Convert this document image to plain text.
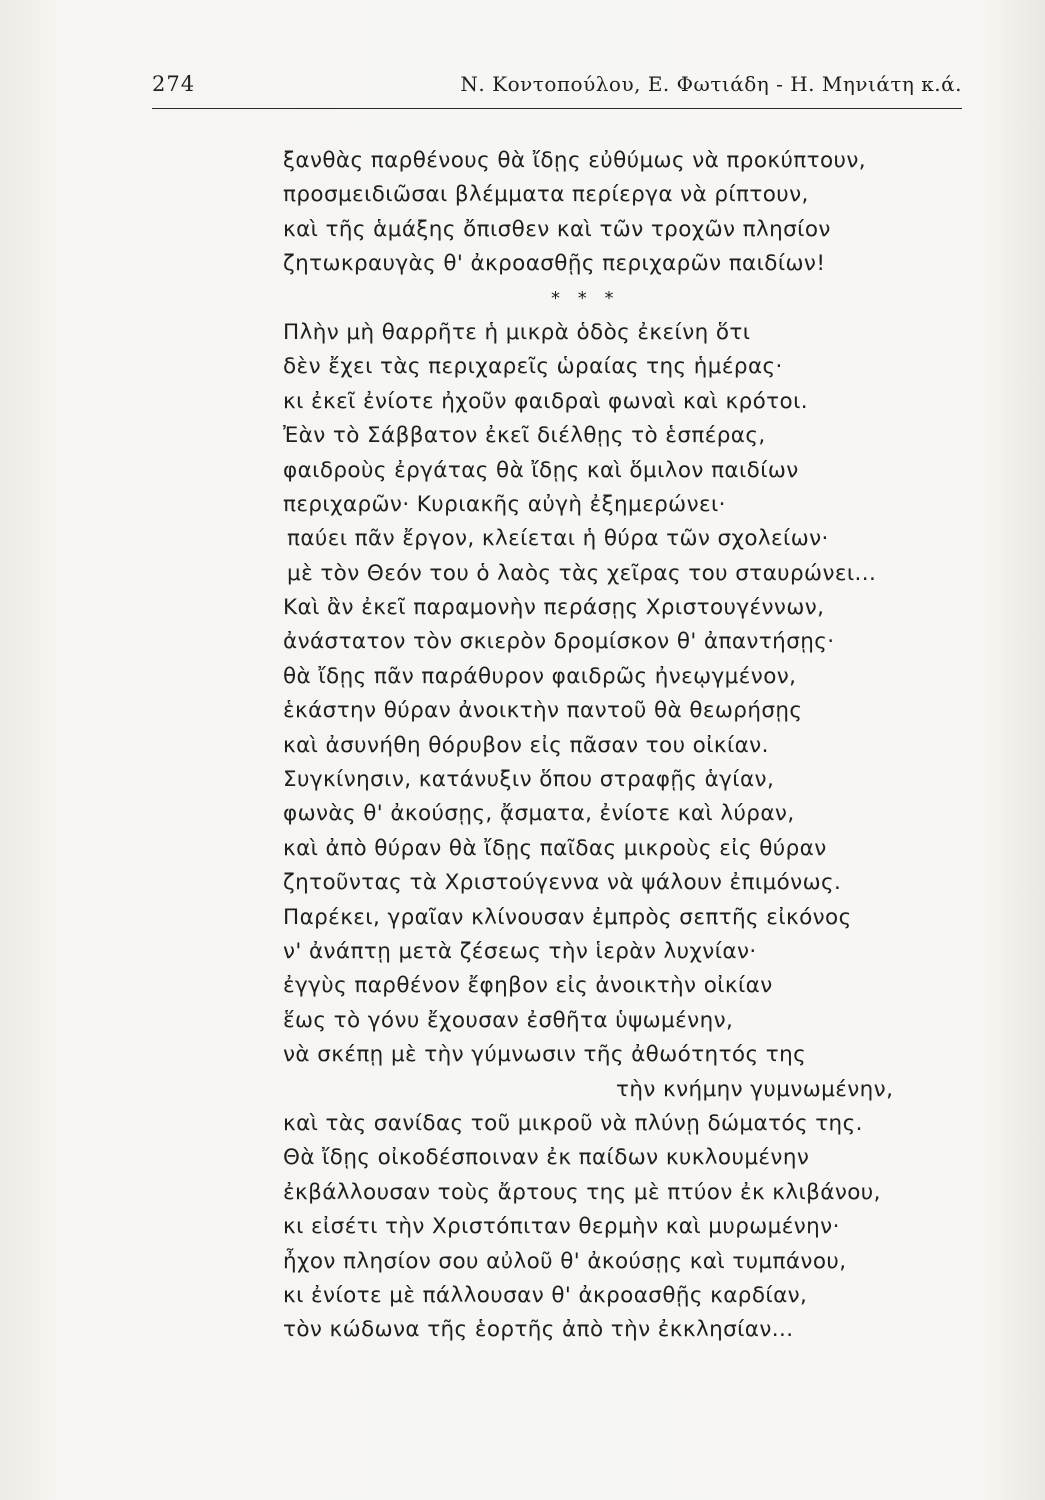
274	Ν. Κοντοπούλου, Ε. Φωτιάδη - Η. Μηνιάτη κ.ά.
ξανθὰς παρθένους θὰ ἴδῃς εὐθύμως νὰ προκύπτουν,
προσμειδιῶσαι βλέμματα περίεργα νὰ ρίπτουν,
καὶ τῆς ἁμάξης ὄπισθεν καὶ τῶν τροχῶν πλησίον
ζητωκραυγὰς θ' ἀκροασθῇς περιχαρῶν παιδίων!
* * *
Πλὴν μὴ θαρρῆτε ἡ μικρὰ ὁδὸς ἐκείνη ὅτι
δὲν ἔχει τὰς περιχαρεῖς ὡραίας της ἡμέρας·
κι ἐκεῖ ἐνίοτε ἠχοῦν φαιδραὶ φωναὶ καὶ κρότοι.
Ἐὰν τὸ Σάββατον ἐκεῖ διέλθῃς τὸ ἑσπέρας,
φαιδροὺς ἐργάτας θὰ ἴδῃς καὶ ὅμιλον παιδίων
περιχαρῶν· Κυριακῆς αὐγὴ ἐξημερώνει·
παύει πᾶν ἔργον, κλείεται ἡ θύρα τῶν σχολείων·
μὲ τὸν Θεόν του ὁ λαὸς τὰς χεῖρας του σταυρώνει...
Καὶ ἂν ἐκεῖ παραμονὴν περάσῃς Χριστουγέννων,
ἀνάστατον τὸν σκιερὸν δρομίσκον θ' ἀπαντήσῃς·
θὰ ἴδῃς πᾶν παράθυρον φαιδρῶς ἠνεῳγμένον,
ἑκάστην θύραν ἀνοικτὴν παντοῦ θὰ θεωρήσῃς
καὶ ἀσυνήθη θόρυβον εἰς πᾶσαν του οἰκίαν.
Συγκίνησιν, κατάνυξιν ὅπου στραφῇς ἁγίαν,
φωνὰς θ' ἀκούσῃς, ᾄσματα, ἐνίοτε καὶ λύραν,
καὶ ἀπὸ θύραν θὰ ἴδῃς παῖδας μικροὺς εἰς θύραν
ζητοῦντας τὰ Χριστούγεννα νὰ ψάλουν ἐπιμόνως.
Παρέκει, γραῖαν κλίνουσαν ἐμπρὸς σεπτῆς εἰκόνος
ν' ἀνάπτῃ μετὰ ζέσεως τὴν ἱερὰν λυχνίαν·
ἐγγὺς παρθένον ἔφηβον εἰς ἀνοικτὴν οἰκίαν
ἕως τὸ γόνυ ἔχουσαν ἐσθῆτα ὑψωμένην,
νὰ σκέπῃ μὲ τὴν γύμνωσιν τῆς ἀθωότητός της
τὴν κνήμην γυμνωμένην,
καὶ τὰς σανίδας τοῦ μικροῦ νὰ πλύνῃ δώματός της.
Θὰ ἴδῃς οἰκοδέσποιναν ἐκ παίδων κυκλουμένην
ἐκβάλλουσαν τοὺς ἄρτους της μὲ πτύον ἐκ κλιβάνου,
κι εἰσέτι τὴν Χριστόπιταν θερμὴν καὶ μυρωμένην·
ἦχον πλησίον σου αὐλοῦ θ' ἀκούσῃς καὶ τυμπάνου,
κι ἐνίοτε μὲ πάλλουσαν θ' ἀκροασθῇς καρδίαν,
τὸν κώδωνα τῆς ἑορτῆς ἀπὸ τὴν ἐκκλησίαν...
